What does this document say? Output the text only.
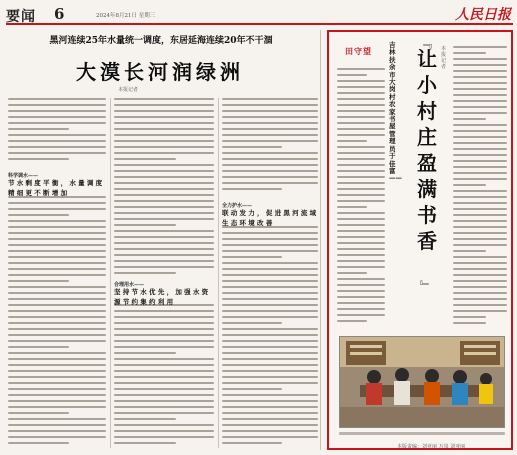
要闻 6	2024年8月21日 星期三	人民日报
黑河连续25年水量统一调度，东居延海连续20年不干涸
大漠长河润绿洲
本报记者
科学调水——
节 水 剩 度 平 衡 ， 水 量 调 度 精 细 更 不 断 增 加
合理用水——
坚 持 节 水 优 先 ， 加 强 水 资 源 节 约 集 约 利 用
全力护水——
联 动 发 力 ， 促 进 黑 河 流 域 生 态 环 境 改 善
田守望
吉林扶余市大岗村农家书屋管理员于佳富——
﹃
让小村庄盈满书香
﹄
本报记者
本版责编：刘亚丽 万泉 刘亚丽
